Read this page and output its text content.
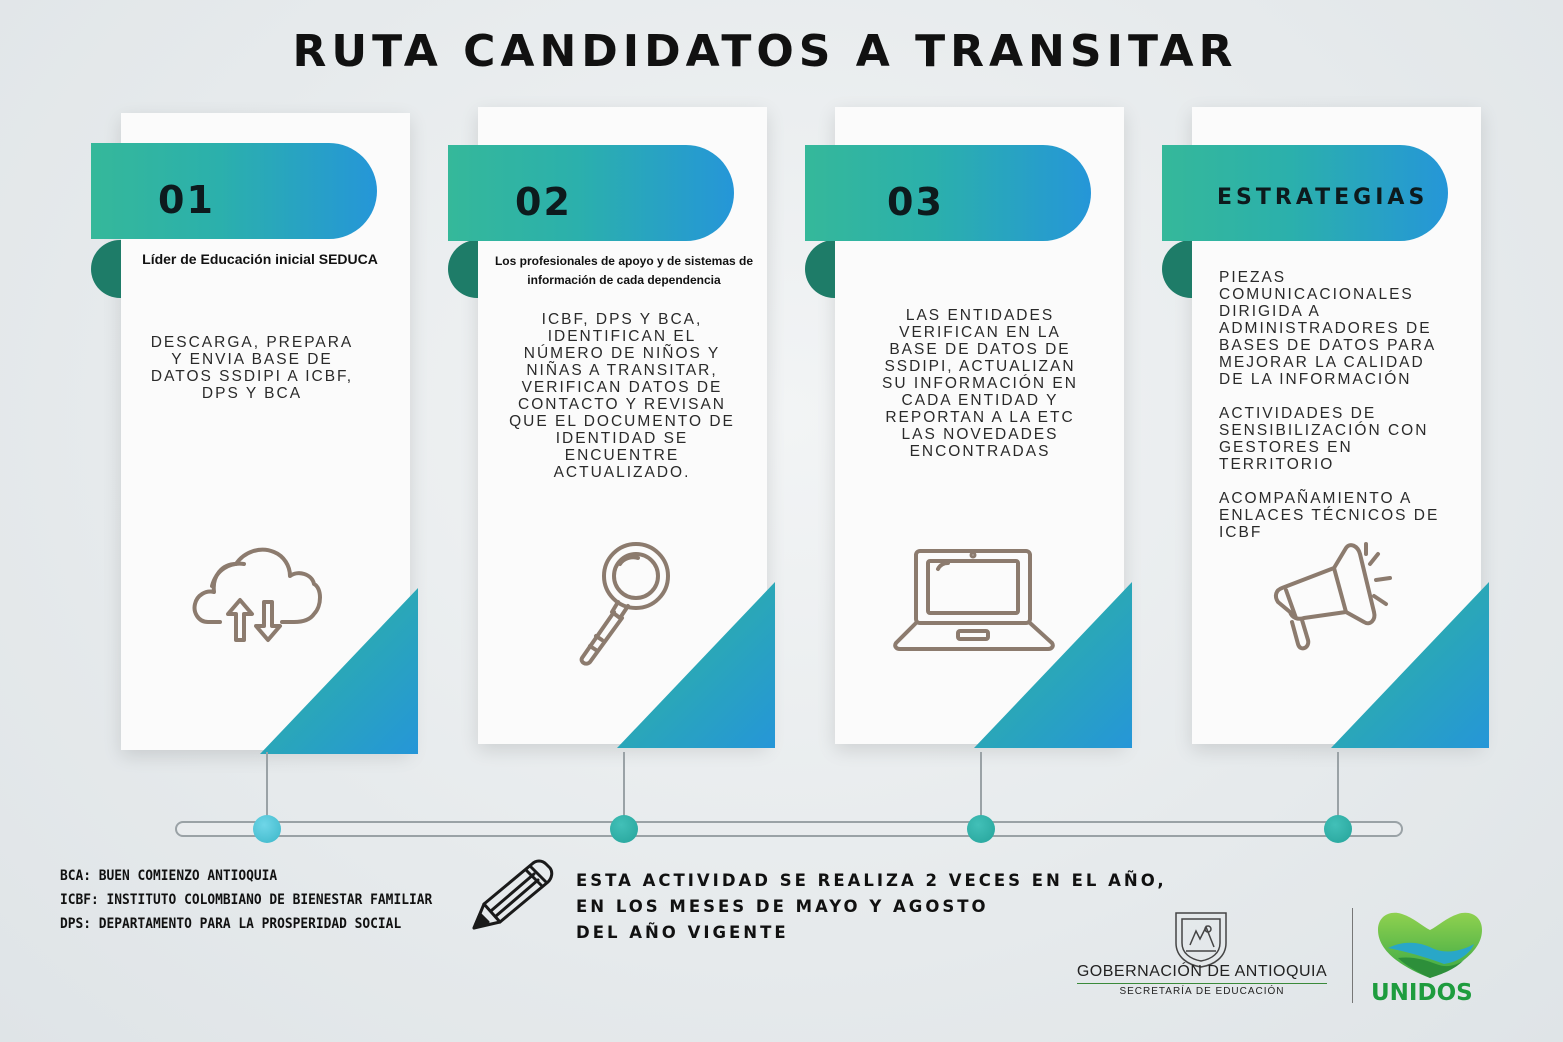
RUTA CANDIDATOS A TRANSITAR
01
Líder de Educación inicial SEDUCA
DESCARGA, PREPARA Y ENVIA BASE DE DATOS SSDIPI A ICBF, DPS Y BCA
02
Los profesionales de apoyo y de sistemas de
información de cada dependencia
ICBF, DPS Y BCA, IDENTIFICAN EL NÚMERO DE NIÑOS Y NIÑAS A TRANSITAR, VERIFICAN DATOS DE CONTACTO Y REVISAN QUE EL DOCUMENTO DE IDENTIDAD SE ENCUENTRE ACTUALIZADO.
03
LAS ENTIDADES VERIFICAN EN LA BASE DE DATOS DE SSDIPI, ACTUALIZAN SU INFORMACIÓN EN CADA ENTIDAD Y REPORTAN A LA ETC LAS NOVEDADES ENCONTRADAS
ESTRATEGIAS

PIEZAS COMUNICACIONALES DIRIGIDA A ADMINISTRADORES DE BASES DE DATOS PARA MEJORAR LA CALIDAD DE LA INFORMACIÓN

ACTIVIDADES DE SENSIBILIZACIÓN CON GESTORES EN TERRITORIO

ACOMPAÑAMIENTO A ENLACES TÉCNICOS DE ICBF

BCA: BUEN COMIENZO ANTIOQUIA
ICBF: INSTITUTO COLOMBIANO DE BIENESTAR FAMILIAR
DPS: DEPARTAMENTO PARA LA PROSPERIDAD SOCIAL
ESTA ACTIVIDAD SE REALIZA 2 VECES EN EL AÑO,
EN LOS MESES DE MAYO Y AGOSTO
DEL AÑO VIGENTE
GOBERNACIÓN DE ANTIOQUIA
SECRETARÍA DE EDUCACIÓN	UNIDOS
